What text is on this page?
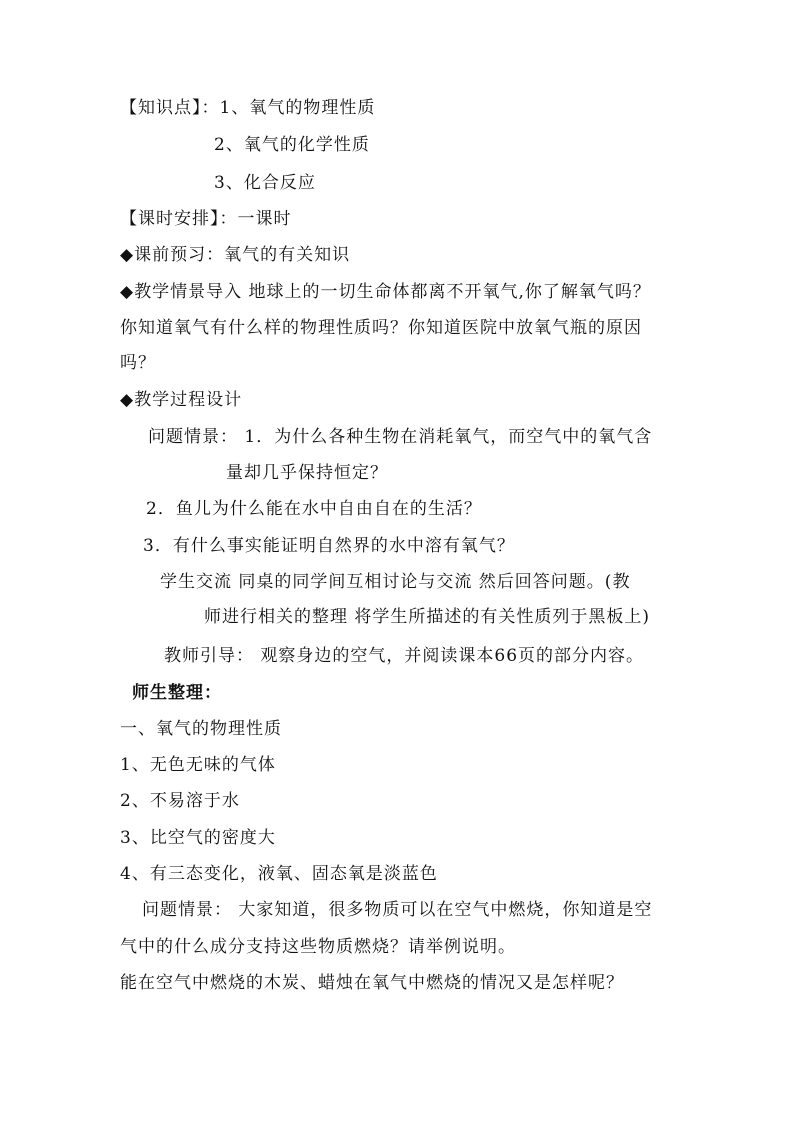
【知识点】：1、氧气的物理性质
2、氧气的化学性质
3、化合反应
【课时安排】：一课时
◆课前预习：氧气的有关知识
◆教学情景导入 地球上的一切生命体都离不开氧气,你了解氧气吗？
你知道氧气有什么样的物理性质吗？你知道医院中放氧气瓶的原因
吗？
◆教学过程设计
问题情景： 1．为什么各种生物在消耗氧气，而空气中的氧气含
量却几乎保持恒定？
2．鱼儿为什么能在水中自由自在的生活？
3．有什么事实能证明自然界的水中溶有氧气？
学生交流 同桌的同学间互相讨论与交流 然后回答问题。(教
师进行相关的整理 将学生所描述的有关性质列于黑板上)
教师引导： 观察身边的空气，并阅读课本66页的部分内容。
师生整理：
一、氧气的物理性质
1、无色无味的气体
2、不易溶于水
3、比空气的密度大
4、有三态变化，液氧、固态氧是淡蓝色
问题情景： 大家知道，很多物质可以在空气中燃烧，你知道是空
气中的什么成分支持这些物质燃烧？请举例说明。
能在空气中燃烧的木炭、蜡烛在氧气中燃烧的情况又是怎样呢？
